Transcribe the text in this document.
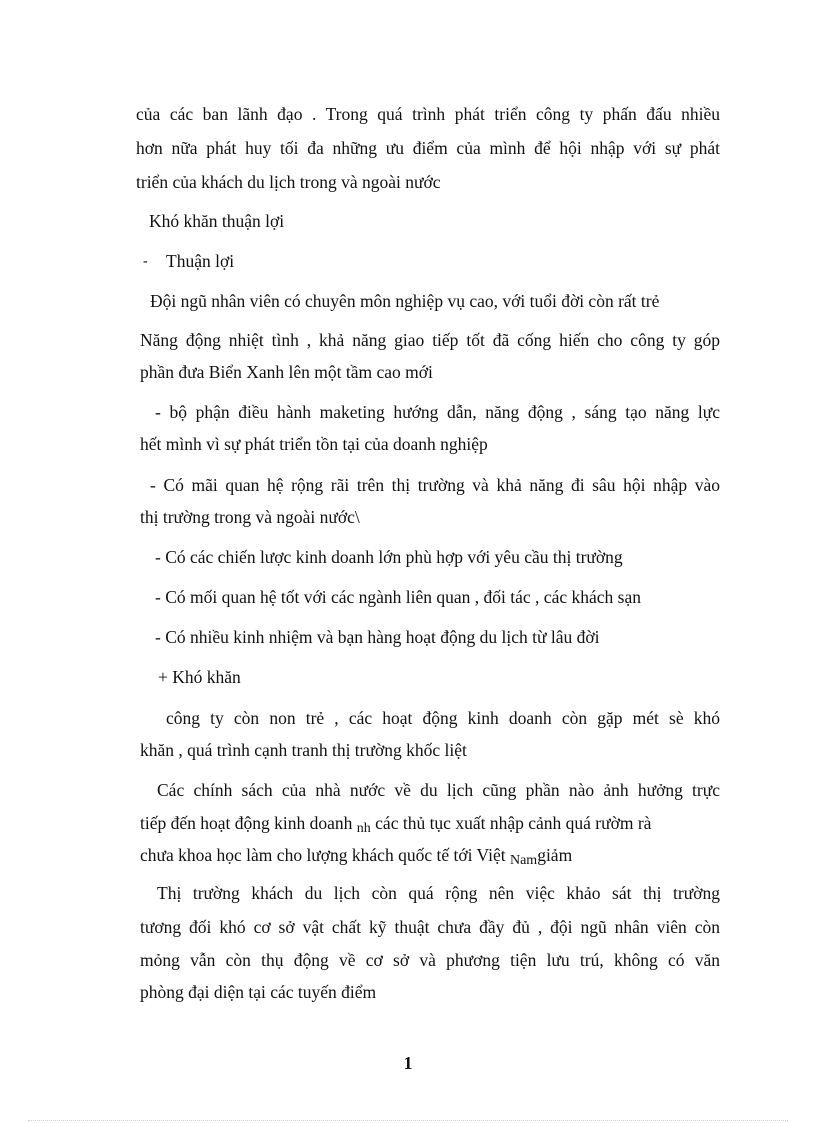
của các ban lãnh đạo . Trong quá trình phát triển công ty phấn đấu nhiều
hơn nữa phát huy tối đa những ưu điểm của mình để hội nhập với sự phát
triển của khách du lịch trong và ngoài nước
Khó khăn thuận lợi
- Thuận lợi
Đội ngũ nhân viên có chuyên môn nghiệp vụ cao, với tuổi đời còn rất trẻ
Năng động nhiệt tình , khả năng giao tiếp tốt đã cống hiến cho công ty góp
phần đưa Biển Xanh lên một tầm cao mới
- bộ phận điều hành maketing hướng dẫn, năng động , sáng tạo năng lực
hết mình vì sự phát triển tồn tại của doanh nghiệp
- Có mãi quan hệ rộng rãi trên thị trường và khả năng đi sâu hội nhập vào
thị trường trong và ngoài nước\
- Có các chiến lược kinh doanh lớn phù hợp với yêu cầu thị trường
- Có mối quan hệ tốt với các ngành liên quan , đối tác , các khách sạn
- Có nhiều kinh nhiệm và bạn hàng hoạt động du lịch từ lâu đời
+ Khó khăn
công ty còn non trẻ , các hoạt động kinh doanh còn gặp mét sè khó
khăn , quá trình cạnh tranh thị trường khốc liệt
Các chính sách của nhà nước về du lịch cũng phần nào ảnh hưởng trực
tiếp đến hoạt động kinh doanh nh các thủ tục xuất nhập cảnh quá rườm rà
chưa khoa học làm cho lượng khách quốc tế tới Việt Namgiảm
Thị trường khách du lịch còn quá rộng nên việc khảo sát thị trường
tương đối khó cơ sở vật chất kỹ thuật chưa đầy đủ , đội ngũ nhân viên còn
mỏng vẫn còn thụ động về cơ sở và phương tiện lưu trú, không có văn
phòng đại diện tại các tuyến điểm
1
